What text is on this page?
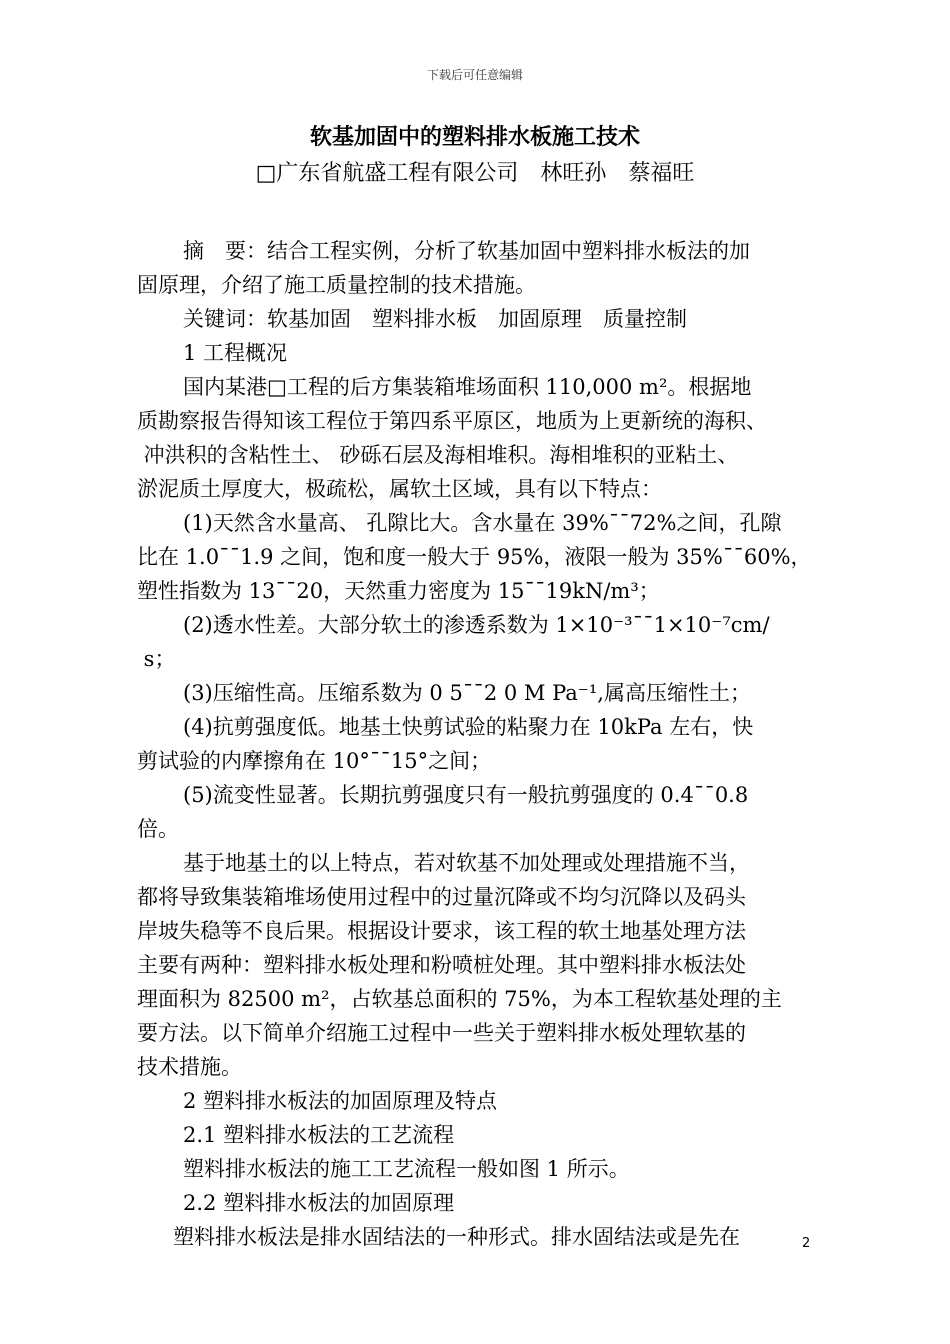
下载后可任意编辑
软基加固中的塑料排水板施工技术
□广东省航盛工程有限公司　林旺孙　蔡福旺
摘　要：结合工程实例，分析了软基加固中塑料排水板法的加
固原理，介绍了施工质量控制的技术措施。
关键词：软基加固　塑料排水板　加固原理　质量控制
1 工程概况
国内某港□工程的后方集装箱堆场面积 110,000 m²。根据地
质勘察报告得知该工程位于第四系平原区，地质为上更新统的海积、
冲洪积的含粘性土、 砂砾石层及海相堆积。海相堆积的亚粘土、
淤泥质土厚度大，极疏松，属软土区域，具有以下特点：
(1)天然含水量高、 孔隙比大。含水量在 39%¯¯72%之间，孔隙
比在 1.0¯¯1.9 之间，饱和度一般大于 95%，液限一般为 35%¯¯60%，
塑性指数为 13¯¯20，天然重力密度为 15¯¯19kN/m³；
(2)透水性差。大部分软土的渗透系数为 1×10⁻³¯¯1×10⁻⁷cm/
s；
(3)压缩性高。压缩系数为 0 5¯¯2 0 M Pa⁻¹,属高压缩性土；
(4)抗剪强度低。地基土快剪试验的粘聚力在 10kPa 左右，快
剪试验的内摩擦角在 10°¯¯15°之间；
(5)流变性显著。长期抗剪强度只有一般抗剪强度的 0.4¯¯0.8
倍。
基于地基土的以上特点，若对软基不加处理或处理措施不当，
都将导致集装箱堆场使用过程中的过量沉降或不均匀沉降以及码头
岸坡失稳等不良后果。根据设计要求，该工程的软土地基处理方法
主要有两种：塑料排水板处理和粉喷桩处理。其中塑料排水板法处
理面积为 82500 m²，占软基总面积的 75%，为本工程软基处理的主
要方法。以下简单介绍施工过程中一些关于塑料排水板处理软基的
技术措施。
2 塑料排水板法的加固原理及特点
2.1 塑料排水板法的工艺流程
塑料排水板法的施工工艺流程一般如图 1 所示。
2.2 塑料排水板法的加固原理
塑料排水板法是排水固结法的一种形式。排水固结法或是先在	2
